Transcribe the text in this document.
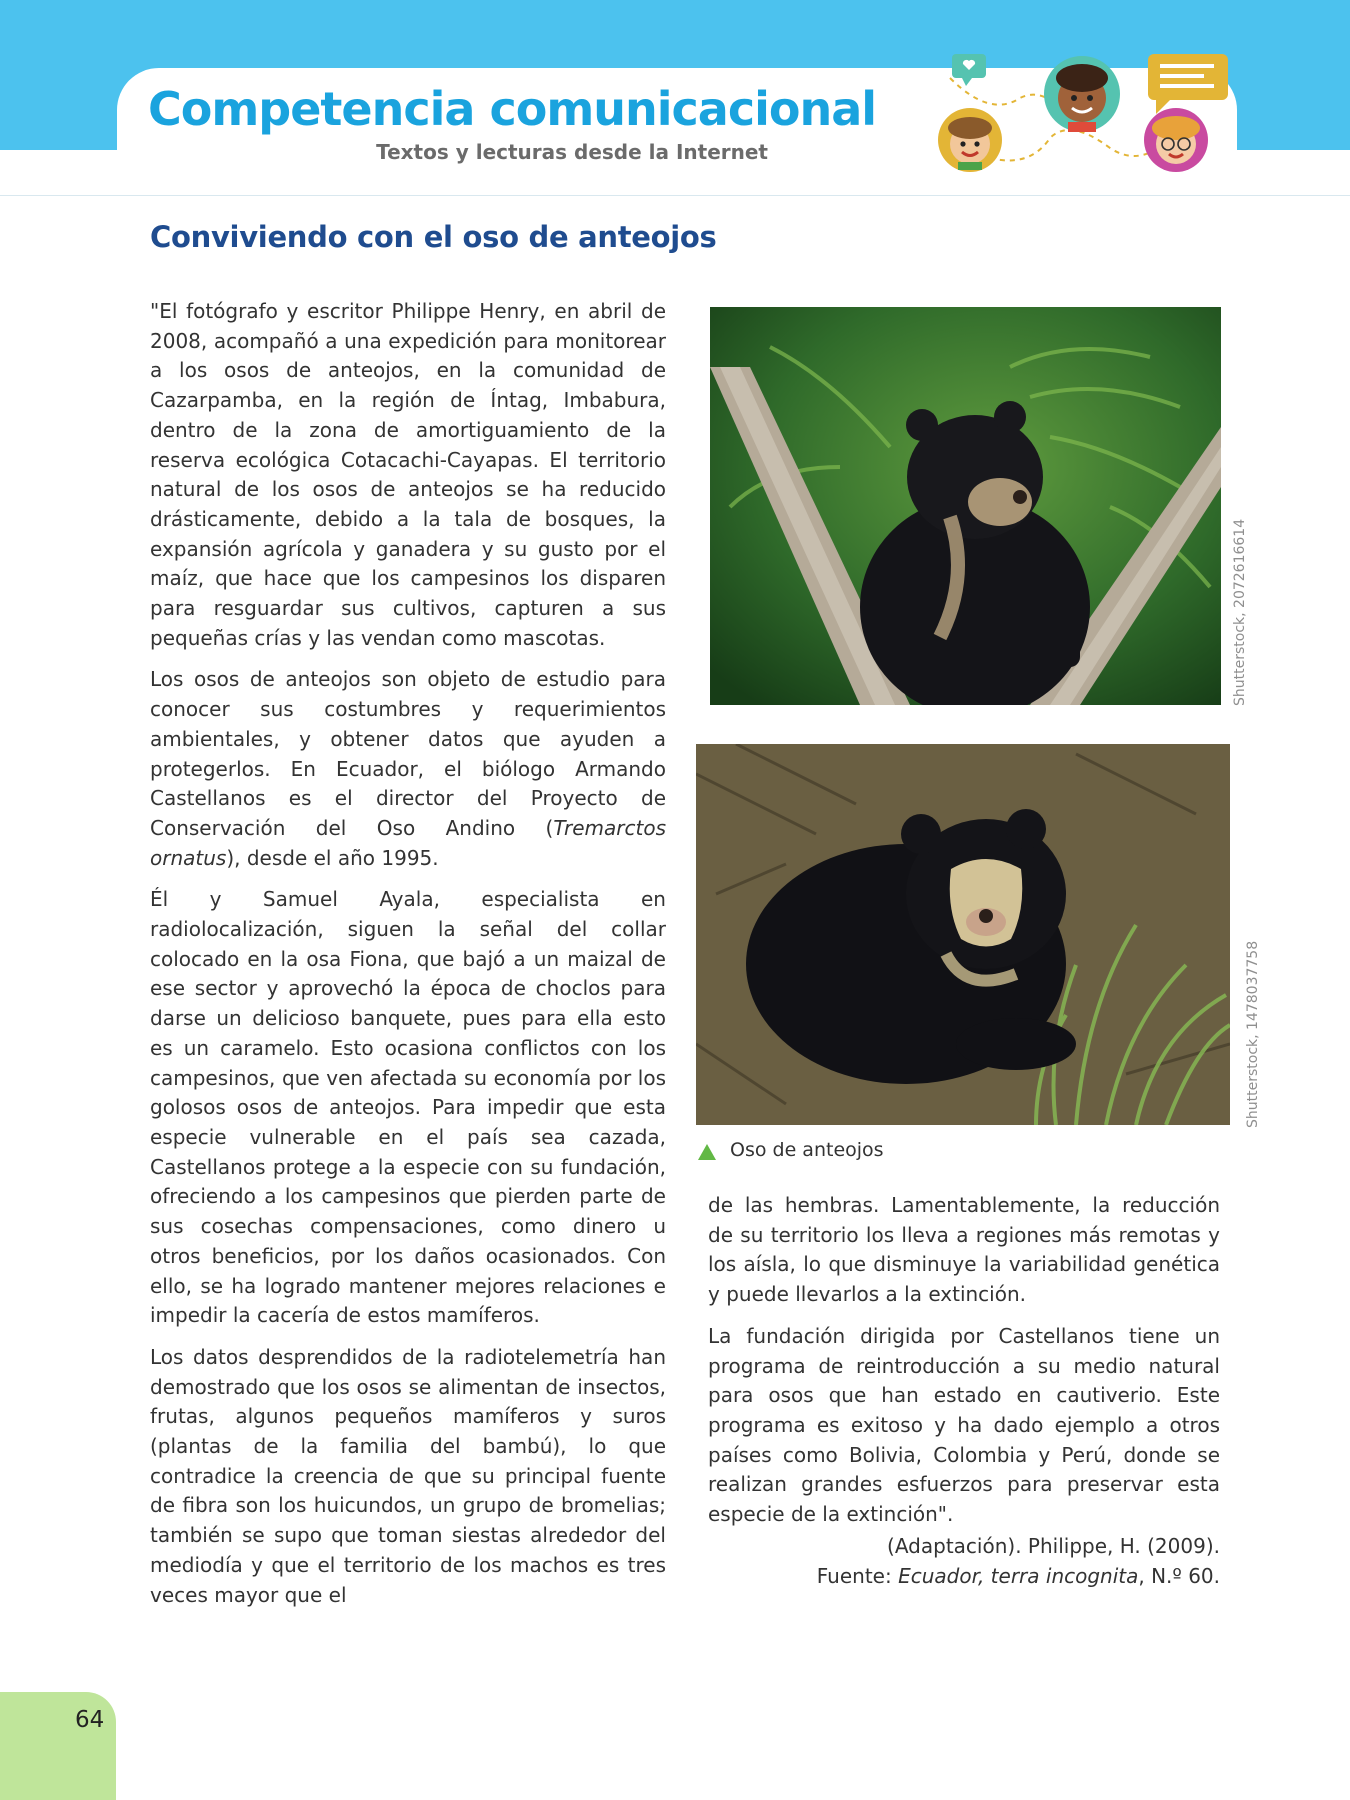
Competencia comunicacional
Textos y lecturas desde la Internet
Conviviendo con el oso de anteojos

"El fotógrafo y escritor Philippe Henry, en abril de 2008, acompañó a una expedición para monitorear a los osos de anteojos, en la comunidad de Cazarpamba, en la región de Íntag, Imbabura, dentro de la zona de amortiguamiento de la reserva ecológica Cotacachi-Cayapas. El territorio natural de los osos de anteojos se ha reducido drásticamente, debido a la tala de bosques, la expansión agrícola y ganadera y su gusto por el maíz, que hace que los campesinos los disparen para resguardar sus cultivos, capturen a sus pequeñas crías y las vendan como mascotas.

Los osos de anteojos son objeto de estudio para conocer sus costumbres y requerimientos ambientales, y obtener datos que ayuden a protegerlos. En Ecuador, el biólogo Armando Castellanos es el director del Proyecto de Conservación del Oso Andino (Tremarctos ornatus), desde el año 1995.

Él y Samuel Ayala, especialista en radiolocalización, siguen la señal del collar colocado en la osa Fiona, que bajó a un maizal de ese sector y aprovechó la época de choclos para darse un delicioso banquete, pues para ella esto es un caramelo. Esto ocasiona conflictos con los campesinos, que ven afectada su economía por los golosos osos de anteojos. Para impedir que esta especie vulnerable en el país sea cazada, Castellanos protege a la especie con su fundación, ofreciendo a los campesinos que pierden parte de sus cosechas compensaciones, como dinero u otros beneficios, por los daños ocasionados. Con ello, se ha logrado mantener mejores relaciones e impedir la cacería de estos mamíferos.

Los datos desprendidos de la radiotelemetría han demostrado que los osos se alimentan de insectos, frutas, algunos pequeños mamíferos y suros (plantas de la familia del bambú), lo que contradice la creencia de que su principal fuente de fibra son los huicundos, un grupo de bromelias; también se supo que toman siestas alrededor del mediodía y que el territorio de los machos es tres veces mayor que el

Shutterstock, 2072616614
Shutterstock, 1478037758
Oso de anteojos

de las hembras. Lamentablemente, la reducción de su territorio los lleva a regiones más remotas y los aísla, lo que disminuye la variabilidad genética y puede llevarlos a la extinción.

La fundación dirigida por Castellanos tiene un programa de reintroducción a su medio natural para osos que han estado en cautiverio. Este programa es exitoso y ha dado ejemplo a otros países como Bolivia, Colombia y Perú, donde se realizan grandes esfuerzos para preservar esta especie de la extinción".

(Adaptación). Philippe, H. (2009).
Fuente: Ecuador, terra incognita, N.º 60.
64
